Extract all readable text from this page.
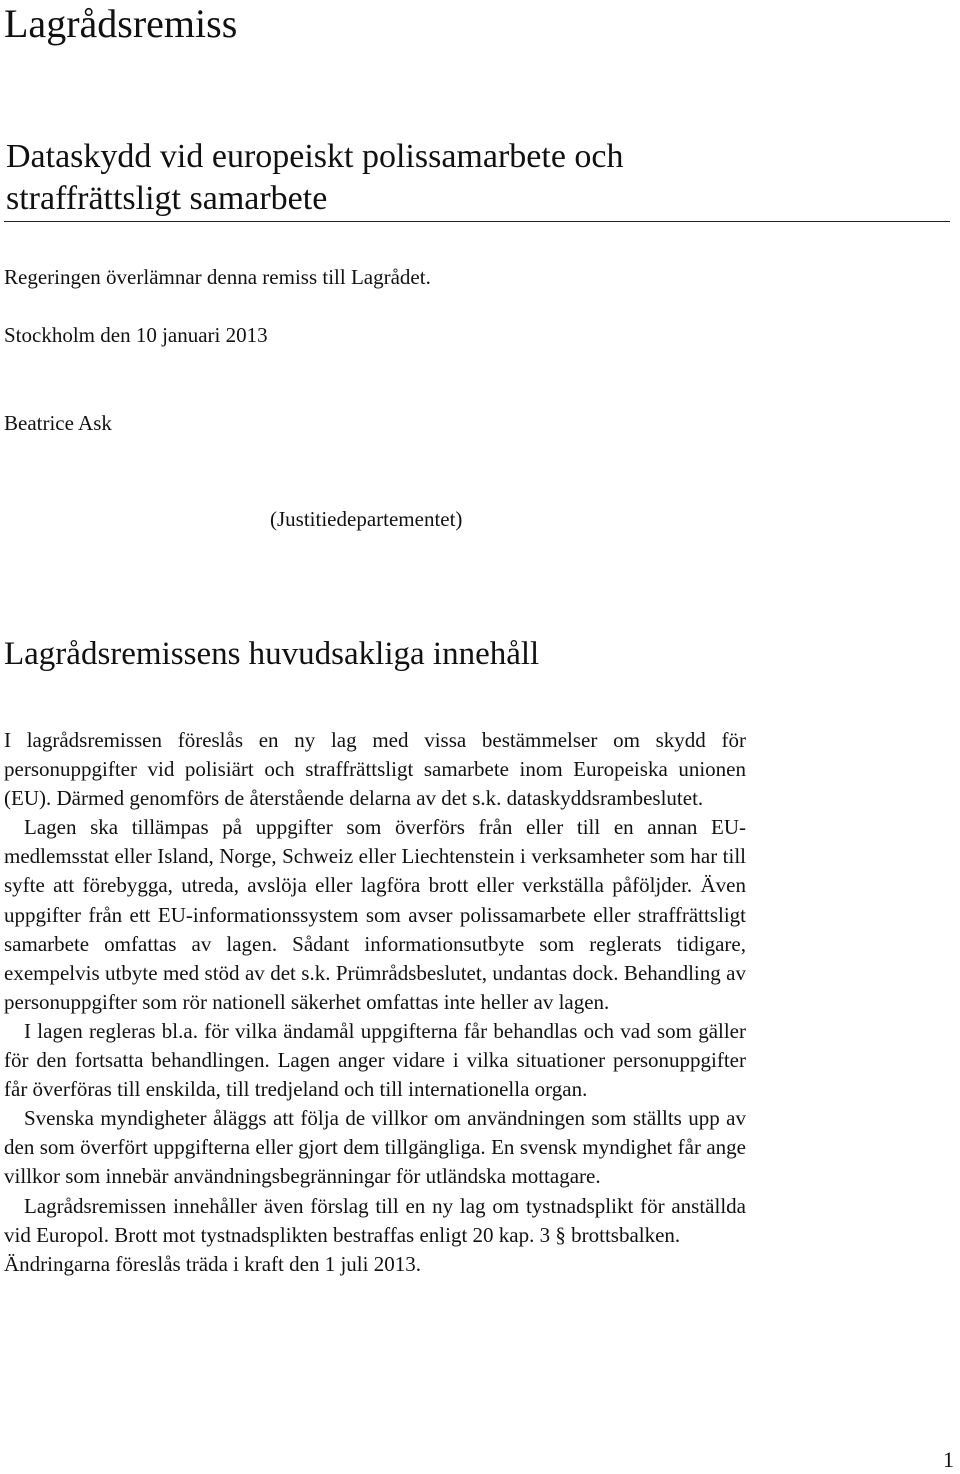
Lagrådsremiss
Dataskydd vid europeiskt polissamarbete och straffrättsligt samarbete

Regeringen överlämnar denna remiss till Lagrådet.

Stockholm den 10 januari 2013

Beatrice Ask

(Justitiedepartementet)

Lagrådsremissens huvudsakliga innehåll

I lagrådsremissen föreslås en ny lag med vissa bestämmelser om skydd för personuppgifter vid polisiärt och straffrättsligt samarbete inom Europeiska unionen (EU). Därmed genomförs de återstående delarna av det s.k. dataskyddsrambeslutet.

Lagen ska tillämpas på uppgifter som överförs från eller till en annan EU-medlemsstat eller Island, Norge, Schweiz eller Liechtenstein i verksamheter som har till syfte att förebygga, utreda, avslöja eller lagföra brott eller verkställa påföljder. Även uppgifter från ett EU-informationssystem som avser polissamarbete eller straffrättsligt samarbete omfattas av lagen. Sådant informationsutbyte som reglerats tidigare, exempelvis utbyte med stöd av det s.k. Prümrådsbeslutet, undantas dock. Behandling av personuppgifter som rör nationell säkerhet omfattas inte heller av lagen.

I lagen regleras bl.a. för vilka ändamål uppgifterna får behandlas och vad som gäller för den fortsatta behandlingen. Lagen anger vidare i vilka situationer personuppgifter får överföras till enskilda, till tredjeland och till internationella organ.

Svenska myndigheter åläggs att följa de villkor om användningen som ställts upp av den som överfört uppgifterna eller gjort dem tillgängliga. En svensk myndighet får ange villkor som innebär användningsbegränningar för utländska mottagare.

Lagrådsremissen innehåller även förslag till en ny lag om tystnadsplikt för anställda vid Europol. Brott mot tystnadsplikten bestraffas enligt 20 kap. 3 § brottsbalken.

Ändringarna föreslås träda i kraft den 1 juli 2013.

1
